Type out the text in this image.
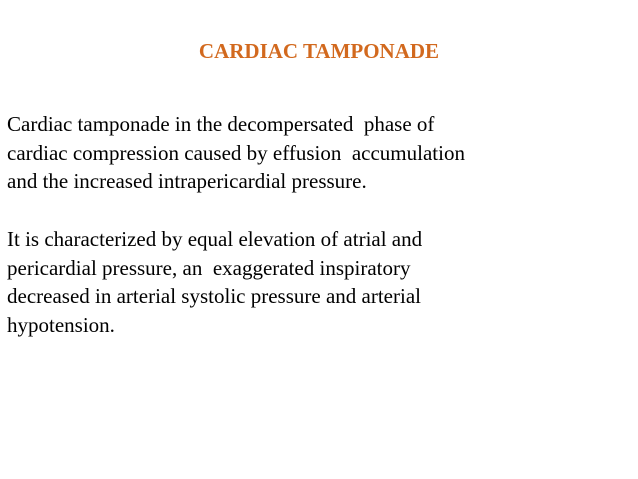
CARDIAC TAMPONADE

Cardiac tamponade in the decompersated  phase of
cardiac compression caused by effusion  accumulation
and the increased intrapericardial pressure.

It is characterized by equal elevation of atrial and
pericardial pressure, an  exaggerated inspiratory
decreased in arterial systolic pressure and arterial
hypotension.
